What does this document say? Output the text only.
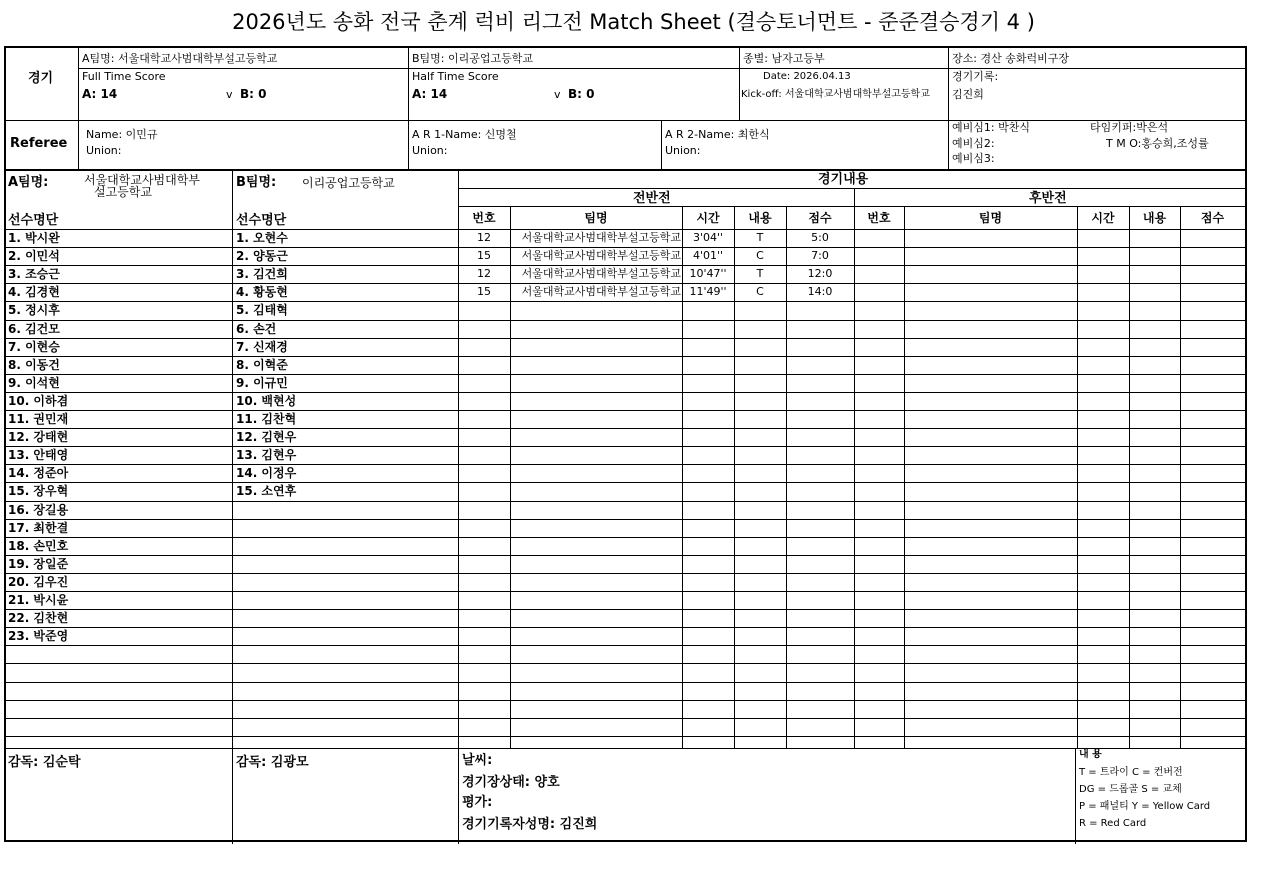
2026년도 송화 전국 춘계 럭비 리그전 Match Sheet (결승토너먼트 - 준준결승경기 4 )
경기
A팀명: 서울대학교사범대학부설고등학교	B팀명: 이리공업고등학교	종별: 남자고등부	장소: 경산 송화럭비구장
Full Time Score
A: 14	v B: 0
Half Time Score
A: 14	v B: 0
Date: 2026.04.13
Kick-off: 서울대학교사범대학부설고등학교
경기기록:
김진희
Referee
Name: 이민규
Union:
A R 1-Name: 신명철
Union:
A R 2-Name: 최한식
Union:
예비심1: 박찬식
예비심2:
예비심3:
타임키퍼:박은석
T M O:홍승희,조성률
A팀명:	서울대학교사범대학부
설고등학교
B팀명: 이리공업고등학교
선수명단	선수명단
경기내용
전반전	후반전
1. 박시완
2. 이민석
3. 조승근
4. 김경현
5. 정시후
6. 김건모
7. 이현승
8. 이동건
9. 이석현
10. 이하겸
11. 권민재
12. 강태현
13. 안태영
14. 정준아
15. 장우혁
16. 장길용
17. 최한결
18. 손민호
19. 장일준
20. 김우진
21. 박시윤
22. 김찬현
23. 박준영
1. 오현수
2. 양동근
3. 김건희
4. 황동현
5. 김태혁
6. 손건
7. 신재경
8. 이혁준
9. 이규민
10. 백현성
11. 김찬혁
12. 김현우
13. 김현우
14. 이정우
15. 소연후
번호	팀명	시간	내용	점수	번호	팀명	시간	내용	점수
12	서울대학교사범대학부설고등학교	3'04''	T	5:0
15	서울대학교사범대학부설고등학교	4'01''	C	7:0
12	서울대학교사범대학부설고등학교 10'47''	T	12:0
15	서울대학교사범대학부설고등학교 11'49''	C	14:0
감독: 김순탁	감독: 김광모	날씨:
경기장상태: 양호
평가:
경기기록자성명: 김진희
내 용
T = 트라이 C = 컨버전
DG = 드롭골 S = 교체
P = 패널티 Y = Yellow Card
R = Red Card
